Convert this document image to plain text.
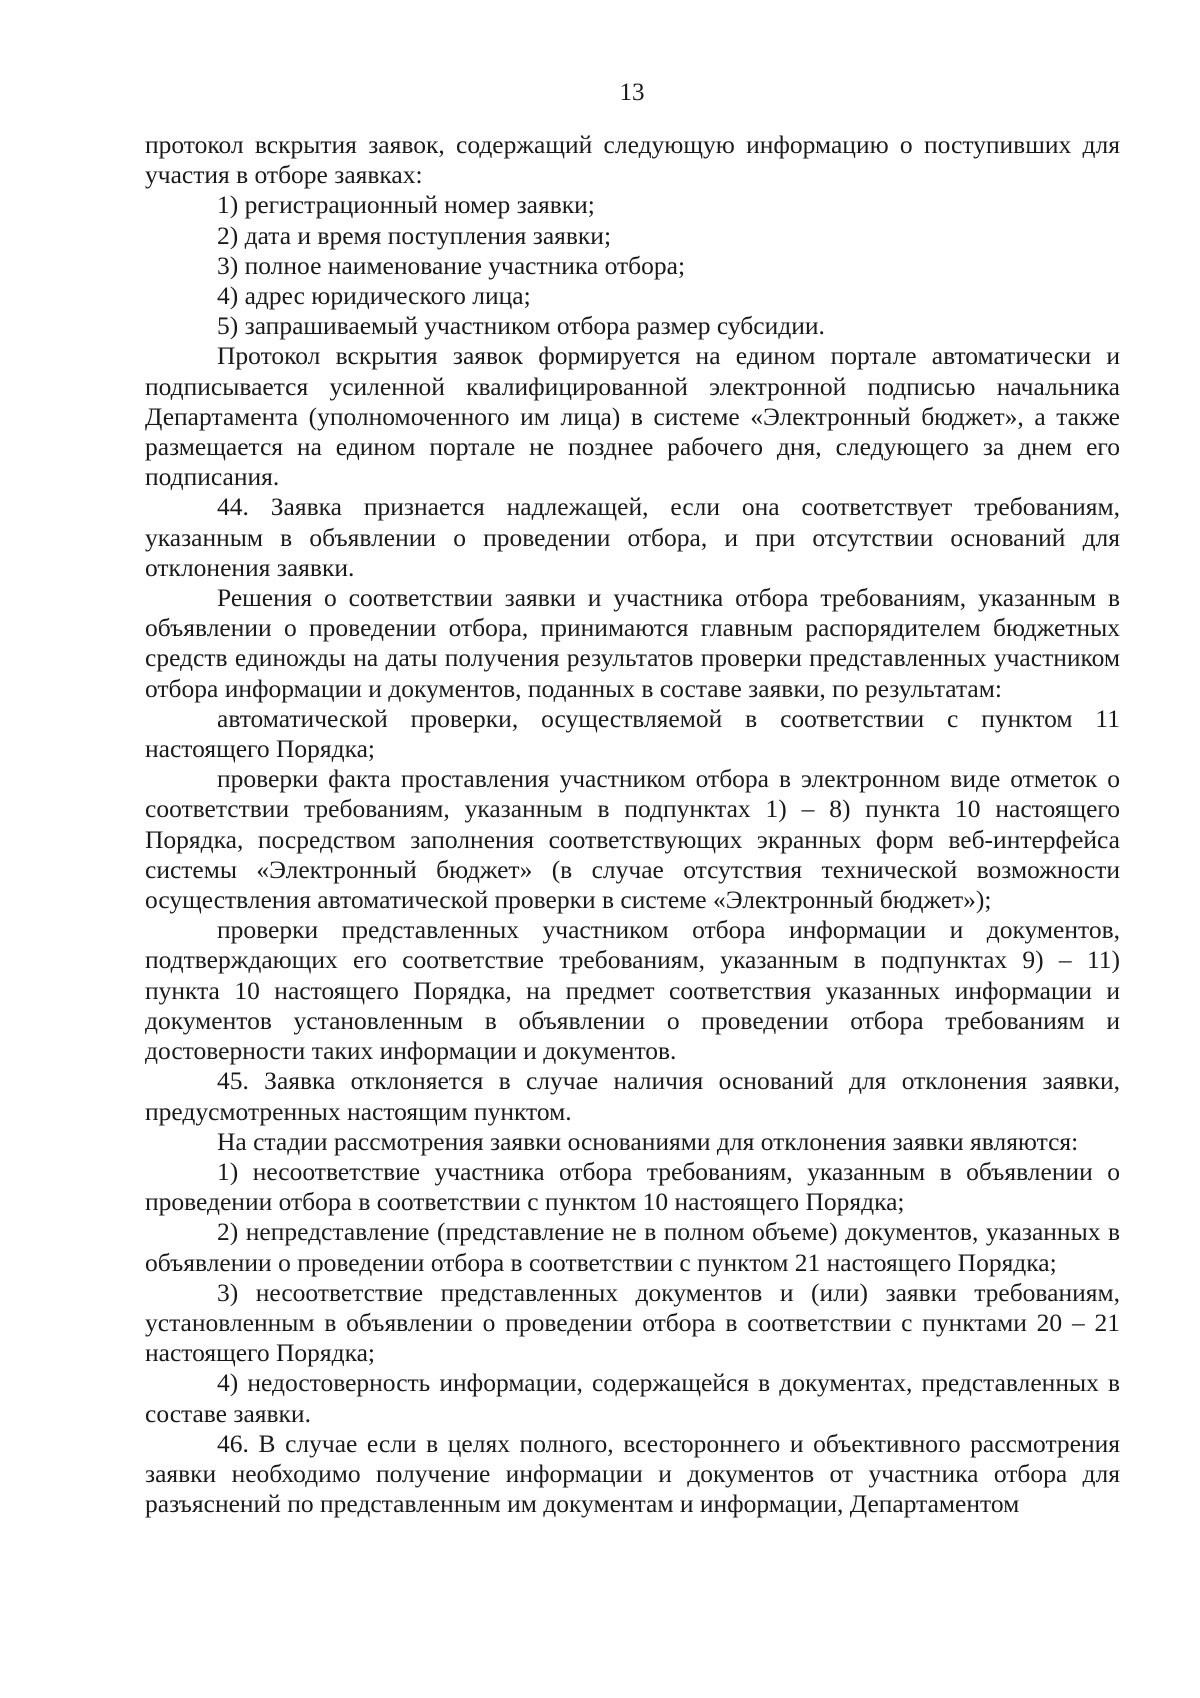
13

протокол вскрытия заявок, содержащий следующую информацию о поступивших для участия в отборе заявках:

1) регистрационный номер заявки;

2) дата и время поступления заявки;

3) полное наименование участника отбора;

4) адрес юридического лица;

5) запрашиваемый участником отбора размер субсидии.

Протокол вскрытия заявок формируется на едином портале автоматически и подписывается усиленной квалифицированной электронной подписью начальника Департамента (уполномоченного им лица) в системе «Электронный бюджет», а также размещается на едином портале не позднее рабочего дня, следующего за днем его подписания.

44. Заявка признается надлежащей, если она соответствует требованиям, указанным в объявлении о проведении отбора, и при отсутствии оснований для отклонения заявки.

Решения о соответствии заявки и участника отбора требованиям, указанным в объявлении о проведении отбора, принимаются главным распорядителем бюджетных средств единожды на даты получения результатов проверки представленных участником отбора информации и документов, поданных в составе заявки, по результатам:

автоматической проверки, осуществляемой в соответствии с пунктом 11 настоящего Порядка;

проверки факта проставления участником отбора в электронном виде отметок о соответствии требованиям, указанным в подпунктах 1) – 8) пункта 10 настоящего Порядка, посредством заполнения соответствующих экранных форм веб-интерфейса системы «Электронный бюджет» (в случае отсутствия технической возможности осуществления автоматической проверки в системе «Электронный бюджет»);

проверки представленных участником отбора информации и документов, подтверждающих его соответствие требованиям, указанным в подпунктах 9) – 11) пункта 10 настоящего Порядка, на предмет соответствия указанных информации и документов установленным в объявлении о проведении отбора требованиям и достоверности таких информации и документов.

45. Заявка отклоняется в случае наличия оснований для отклонения заявки, предусмотренных настоящим пунктом.

На стадии рассмотрения заявки основаниями для отклонения заявки являются:

1) несоответствие участника отбора требованиям, указанным в объявлении о проведении отбора в соответствии с пунктом 10 настоящего Порядка;

2) непредставление (представление не в полном объеме) документов, указанных в объявлении о проведении отбора в соответствии с пунктом 21 настоящего Порядка;

3) несоответствие представленных документов и (или) заявки требованиям, установленным в объявлении о проведении отбора в соответствии с пунктами 20 – 21 настоящего Порядка;

4) недостоверность информации, содержащейся в документах, представленных в составе заявки.

46. В случае если в целях полного, всестороннего и объективного рассмотрения заявки необходимо получение информации и документов от участника отбора для разъяснений по представленным им документам и информации, Департаментом
